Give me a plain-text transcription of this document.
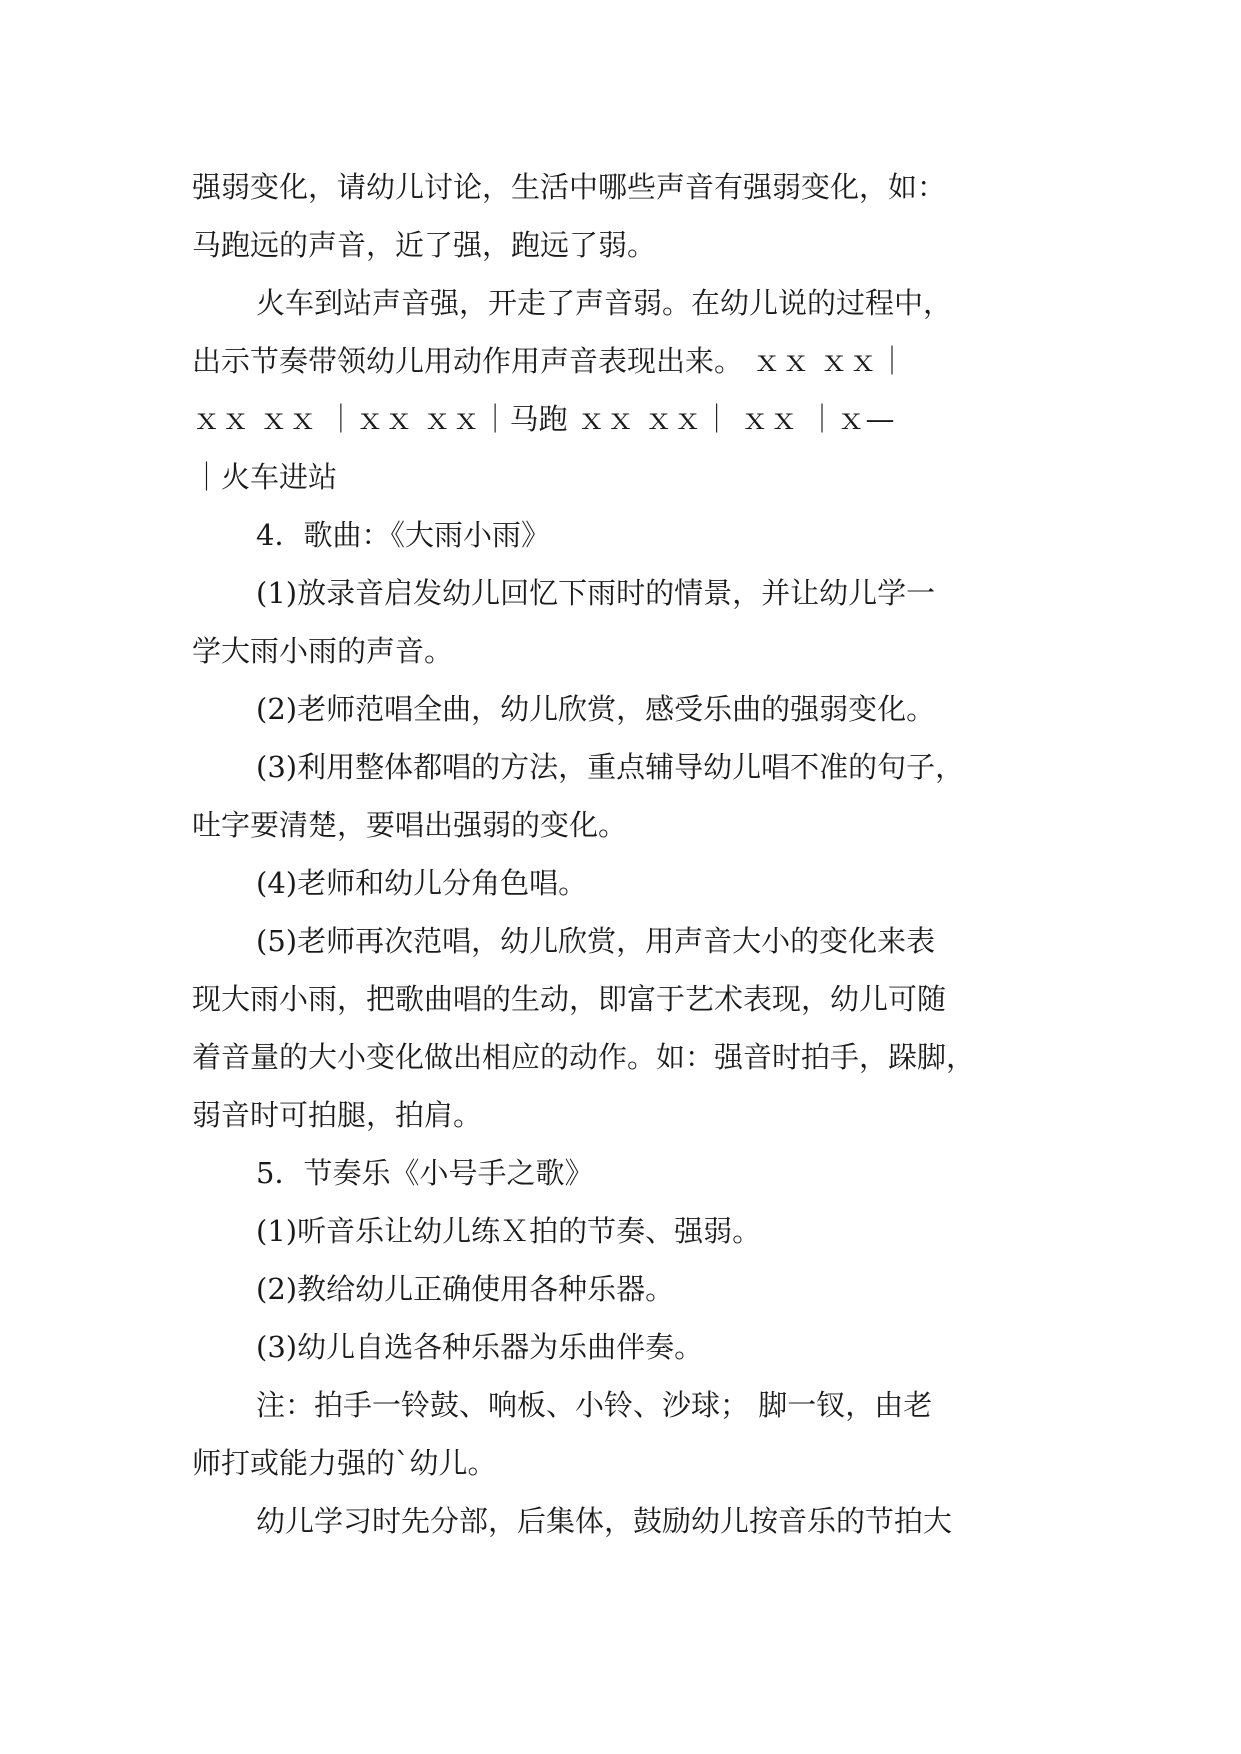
强弱变化，请幼儿讨论，生活中哪些声音有强弱变化，如：
马跑远的声音，近了强，跑远了弱。
火车到站声音强，开走了声音弱。在幼儿说的过程中，
出示节奏带领幼儿用动作用声音表现出来。 ｘｘ ｘｘ｜
ｘｘ ｘｘ ｜ｘｘ ｘｘ｜马跑 ｘｘ ｘｘ｜ ｘｘ ｜ｘ—
｜火车进站
4．歌曲：《大雨小雨》
(1)放录音启发幼儿回忆下雨时的情景，并让幼儿学一
学大雨小雨的声音。
(2)老师范唱全曲，幼儿欣赏，感受乐曲的强弱变化。
(3)利用整体都唱的方法，重点辅导幼儿唱不准的句子，
吐字要清楚，要唱出强弱的变化。
(4)老师和幼儿分角色唱。
(5)老师再次范唱，幼儿欣赏，用声音大小的变化来表
现大雨小雨，把歌曲唱的生动，即富于艺术表现，幼儿可随
着音量的大小变化做出相应的动作。如：强音时拍手，跺脚，
弱音时可拍腿，拍肩。
5．节奏乐《小号手之歌》
(1)听音乐让幼儿练Ｘ拍的节奏、强弱。
(2)教给幼儿正确使用各种乐器。
(3)幼儿自选各种乐器为乐曲伴奏。
注：拍手一铃鼓、响板、小铃、沙球； 脚一钗，由老
师打或能力强的`幼儿。
幼儿学习时先分部，后集体，鼓励幼儿按音乐的节拍大
